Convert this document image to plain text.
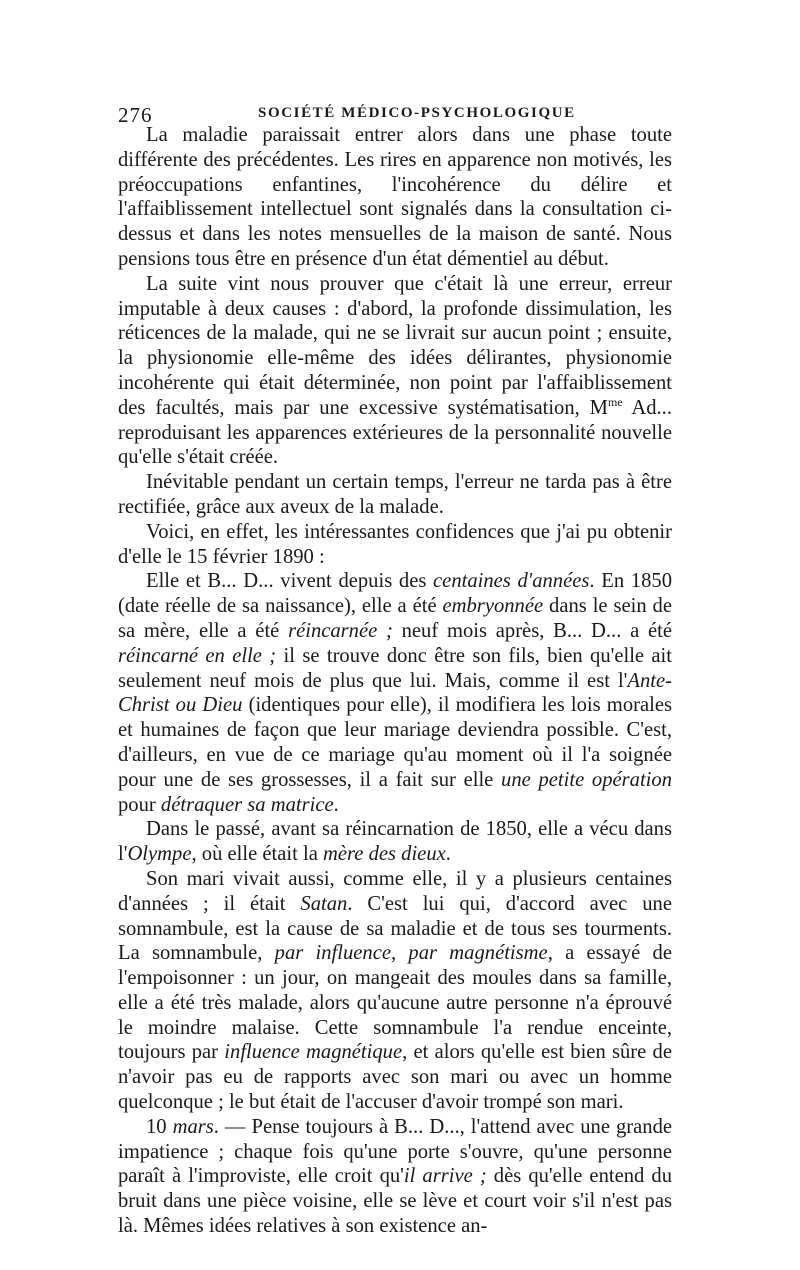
276	SOCIÉTÉ MÉDICO-PSYCHOLOGIQUE

La maladie paraissait entrer alors dans une phase toute différente des précédentes. Les rires en apparence non motivés, les préoccupations enfantines, l'incohérence du délire et l'affaiblissement intellectuel sont signalés dans la consultation ci-dessus et dans les notes mensuelles de la maison de santé. Nous pensions tous être en présence d'un état démentiel au début.

La suite vint nous prouver que c'était là une erreur, erreur imputable à deux causes : d'abord, la profonde dissimulation, les réticences de la malade, qui ne se livrait sur aucun point ; ensuite, la physionomie elle-même des idées délirantes, physionomie incohérente qui était déterminée, non point par l'affaiblissement des facultés, mais par une excessive systématisation, $M^{me}$ Ad... reproduisant les apparences extérieures de la personnalité nouvelle qu'elle s'était créée.

Inévitable pendant un certain temps, l'erreur ne tarda pas à être rectifiée, grâce aux aveux de la malade.

Voici, en effet, les intéressantes confidences que j'ai pu obtenir d'elle le 15 février 1890 :

Elle et B... D... vivent depuis des centaines d'années. En 1850 (date réelle de sa naissance), elle a été embryonnée dans le sein de sa mère, elle a été réincarnée ; neuf mois après, B... D... a été réincarné en elle ; il se trouve donc être son fils, bien qu'elle ait seulement neuf mois de plus que lui. Mais, comme il est l'Ante-Christ ou Dieu (identiques pour elle), il modifiera les lois morales et humaines de façon que leur mariage deviendra possible. C'est, d'ailleurs, en vue de ce mariage qu'au moment où il l'a soignée pour une de ses grossesses, il a fait sur elle une petite opération pour détraquer sa matrice.

Dans le passé, avant sa réincarnation de 1850, elle a vécu dans l'Olympe, où elle était la mère des dieux.

Son mari vivait aussi, comme elle, il y a plusieurs centaines d'années ; il était Satan. C'est lui qui, d'accord avec une somnambule, est la cause de sa maladie et de tous ses tourments. La somnambule, par influence, par magnétisme, a essayé de l'empoisonner : un jour, on mangeait des moules dans sa famille, elle a été très malade, alors qu'aucune autre personne n'a éprouvé le moindre malaise. Cette somnambule l'a rendue enceinte, toujours par influence magnétique, et alors qu'elle est bien sûre de n'avoir pas eu de rapports avec son mari ou avec un homme quelconque ; le but était de l'accuser d'avoir trompé son mari.

10 mars. — Pense toujours à B... D..., l'attend avec une grande impatience ; chaque fois qu'une porte s'ouvre, qu'une personne paraît à l'improviste, elle croit qu'il arrive ; dès qu'elle entend du bruit dans une pièce voisine, elle se lève et court voir s'il n'est pas là. Mêmes idées relatives à son existence an-
